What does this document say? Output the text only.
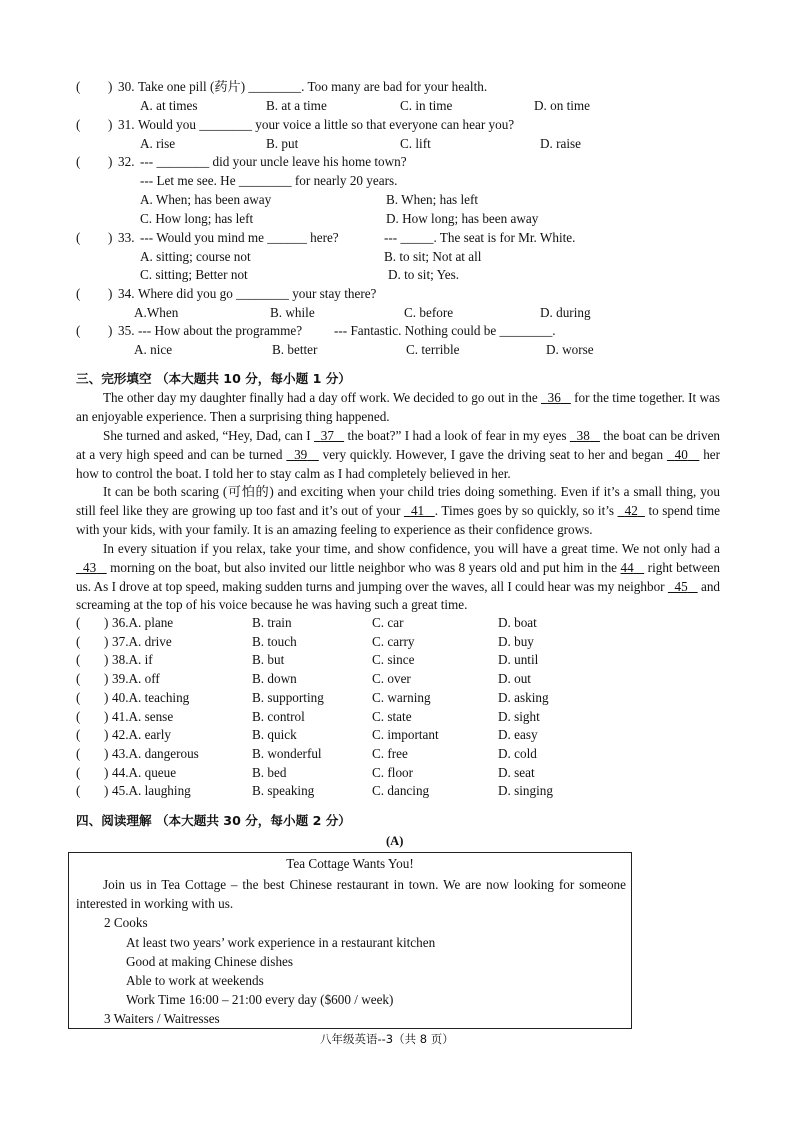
( ) 30. Take one pill (药片) ________. Too many are bad for your health.
A. at times	B. at a time	C. in time	D. on time
( ) 31. Would you ________ your voice a little so that everyone can hear you?
A. rise	B. put	C. lift	D. raise
( ) 32. --- ________ did your uncle leave his home town?
--- Let me see. He ________ for nearly 20 years.
A. When; has been away	B. When; has left
C. How long; has left	D. How long; has been away
( ) 33. --- Would you mind me ______ here?	--- _____. The seat is for Mr. White.
A. sitting; course not	B. to sit; Not at all
C. sitting; Better not	D. to sit; Yes.
( ) 34. Where did you go ________ your stay there?
A.When	B. while	C. before	D. during
( ) 35. --- How about the programme? --- Fantastic. Nothing could be ________.
A. nice	B. better	C. terrible	D. worse
三、完形填空 （本大题共 10 分，每小题 1 分）
The other day my daughter finally had a day off work. We decided to go out in the   36    for the time together. It was an enjoyable experience. Then a surprising thing happened.
She turned and asked, “Hey, Dad, can I   37    the boat?” I had a look of fear in my eyes   38    the boat can be driven at a very high speed and can be turned   39    very quickly. However, I gave the driving seat to her and began   40    her how to control the boat. I told her to stay calm as I had completely believed in her.
It can be both scaring (可怕的) and exciting when your child tries doing something. Even if it’s a small thing, you still feel like they are growing up too fast and it’s out of your   41 . Times goes by so quickly, so it’s   42   to spend time with your kids, with your family. It is an amazing feeling to experience as their confidence grows.
In every situation if you relax, take your time, and show confidence, you will have a great time. We not only had a   43    morning on the boat, but also invited our little neighbor who was 8 years old and put him in the 44    right between us. As I drove at top speed, making sudden turns and jumping over the waves, all I could hear was my neighbor   45    and screaming at the top of his voice because he was having such a great time.
( ) 36.A. plane	B. train	C. car	D. boat
( ) 37.A. drive	B. touch	C. carry	D. buy
( ) 38.A. if	B. but	C. since	D. until
( ) 39.A. off	B. down	C. over	D. out
( ) 40.A. teaching	B. supporting	C. warning	D. asking
( ) 41.A. sense	B. control	C. state	D. sight
( ) 42.A. early	B. quick	C. important	D. easy
( ) 43.A. dangerous	B. wonderful	C. free	D. cold
( ) 44.A. queue	B. bed	C. floor	D. seat
( ) 45.A. laughing	B. speaking	C. dancing	D. singing
四、阅读理解 （本大题共 30 分，每小题 2 分）
(A)
Tea Cottage Wants You!
Join us in Tea Cottage – the best Chinese restaurant in town. We are now looking for someone interested in working with us.
2 Cooks
At least two years’ work experience in a restaurant kitchen
Good at making Chinese dishes
Able to work at weekends
Work Time 16:00 – 21:00 every day ($600 / week)
3 Waiters / Waitresses
八年级英语--3（共 8 页）
